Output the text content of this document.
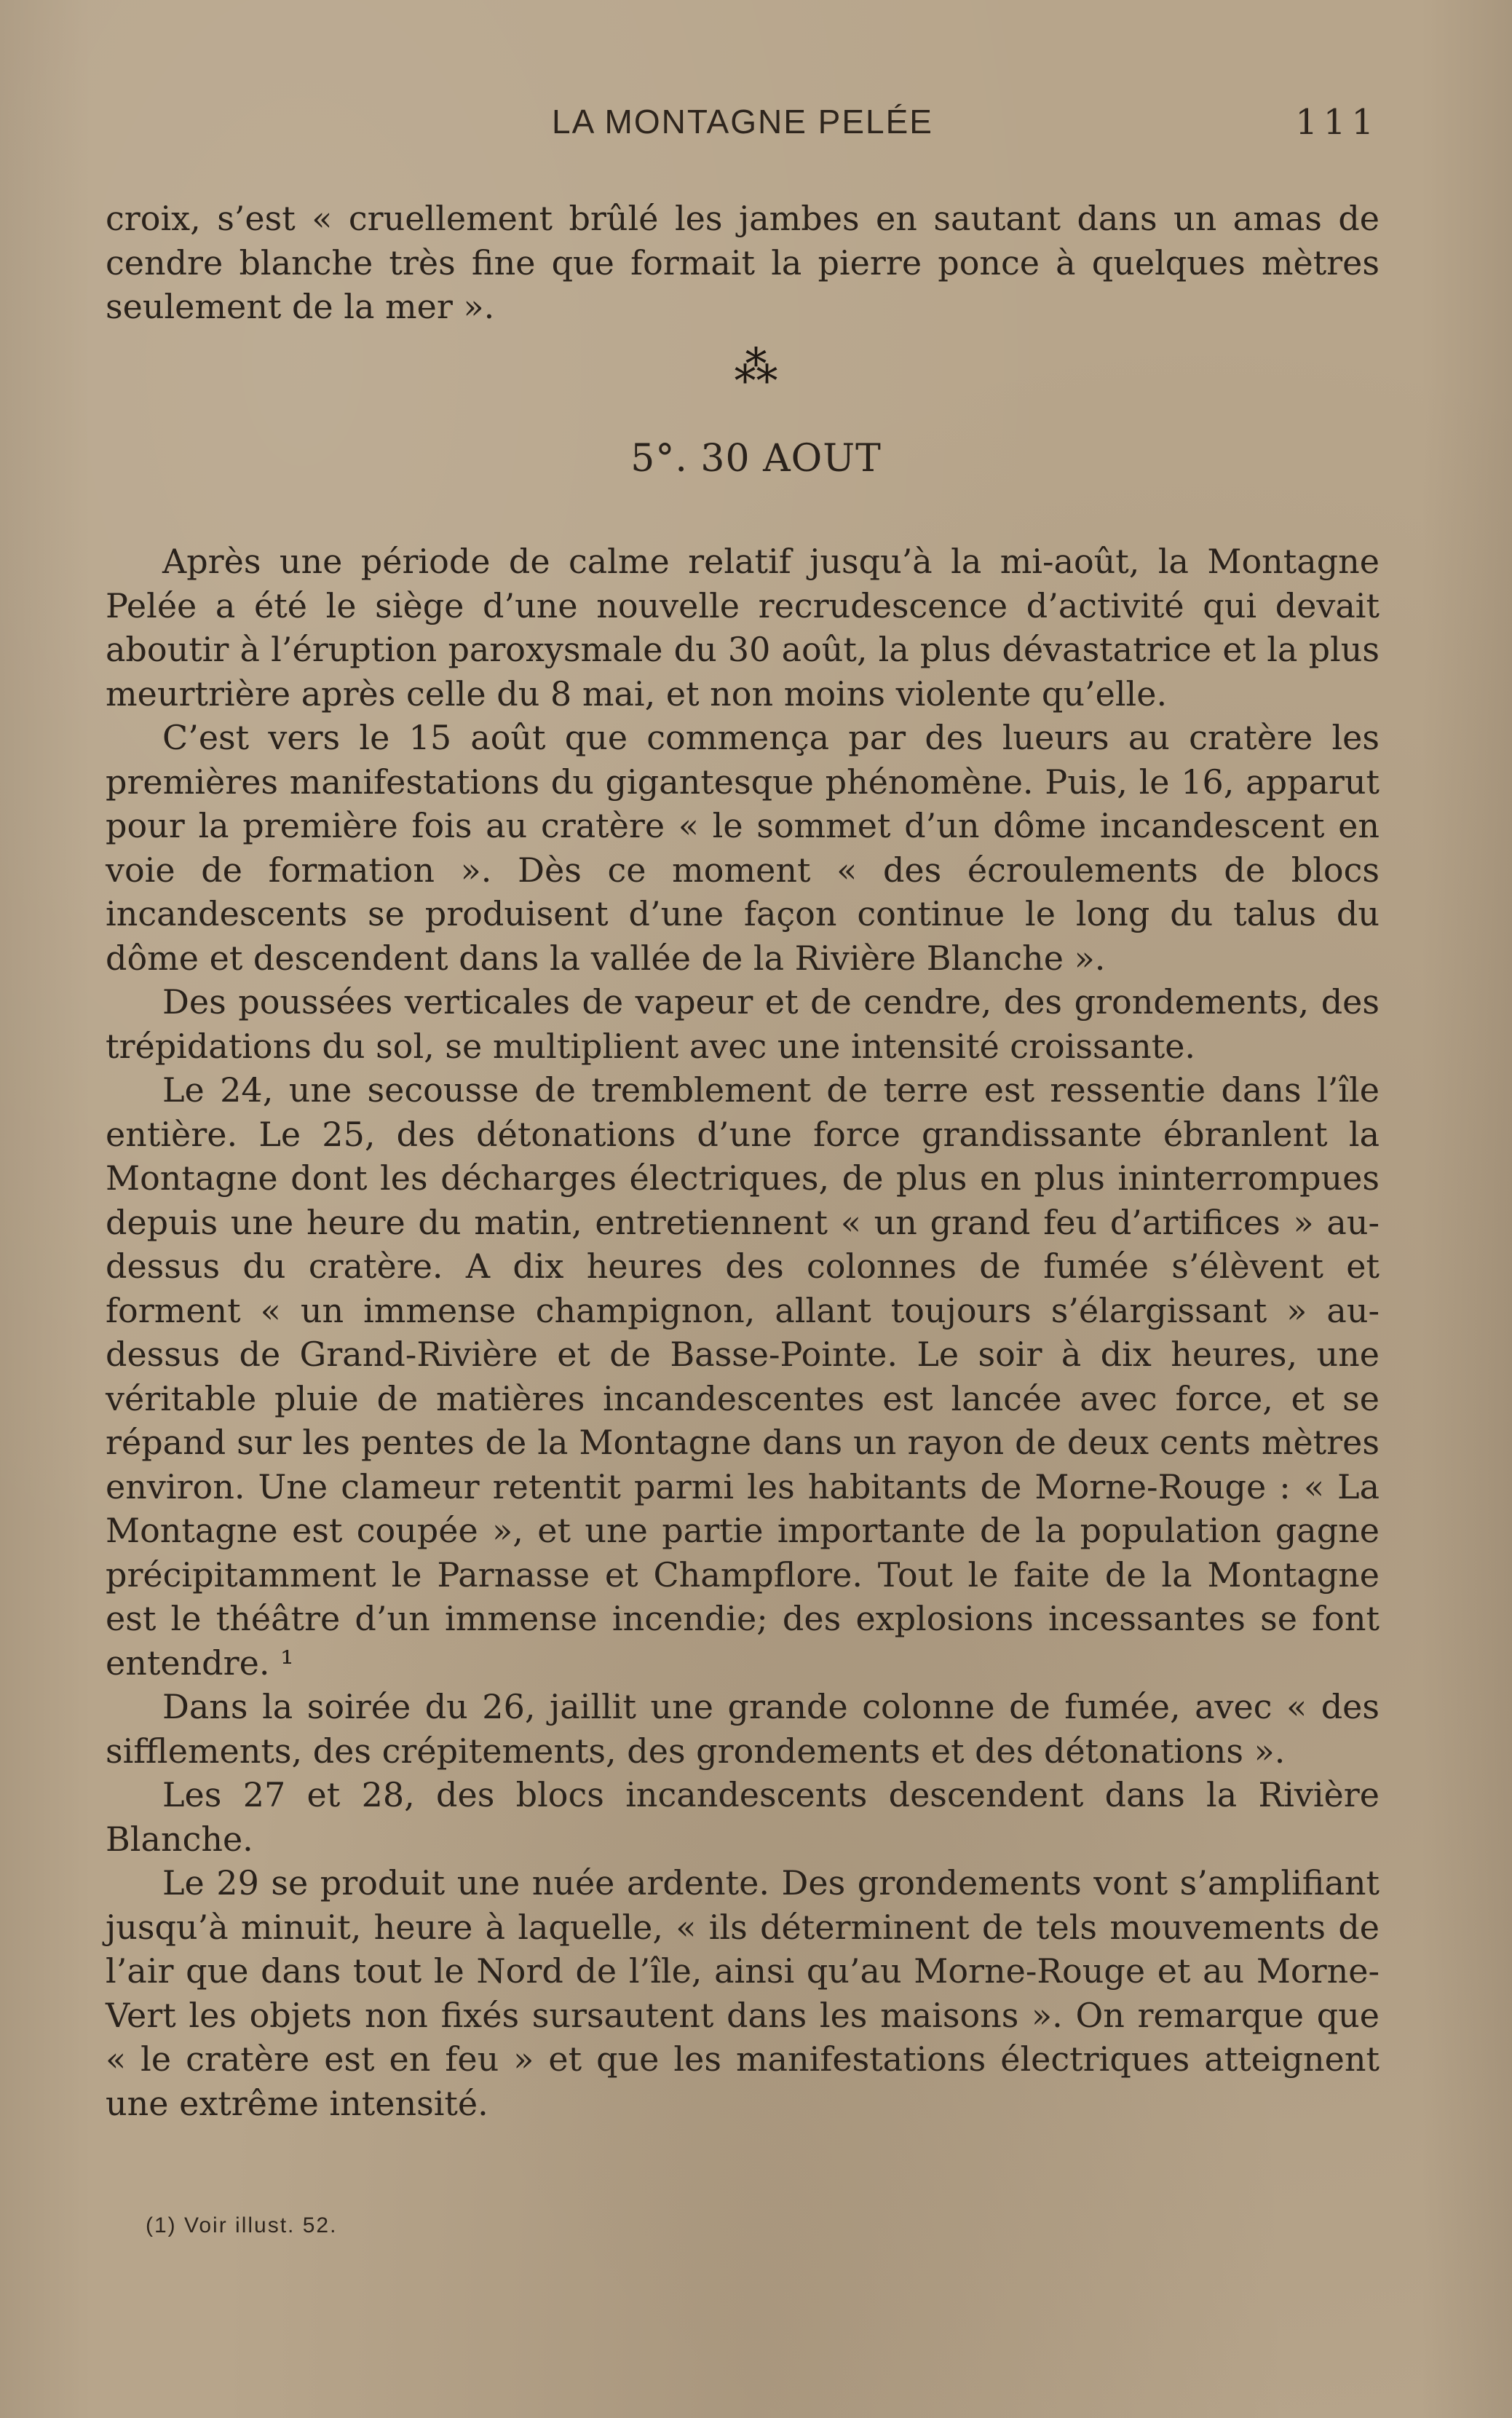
LA MONTAGNE PELÉE	111

croix, s’est « cruellement brûlé les jambes en sautant dans un amas de cendre blanche très fine que formait la pierre ponce à quelques mètres seulement de la mer ».

⁂
5°. 30 AOUT

Après une période de calme relatif jusqu’à la mi-août, la Montagne Pelée a été le siège d’une nouvelle recrudescence d’activité qui devait aboutir à l’éruption paroxysmale du 30 août, la plus dévastatrice et la plus meurtrière après celle du 8 mai, et non moins violente qu’elle.

C’est vers le 15 août que commença par des lueurs au cratère les premières manifestations du gigantesque phénomène. Puis, le 16, apparut pour la première fois au cratère « le sommet d’un dôme incandescent en voie de formation ». Dès ce moment « des écroulements de blocs incandescents se produisent d’une façon continue le long du talus du dôme et descendent dans la vallée de la Rivière Blanche ».

Des poussées verticales de vapeur et de cendre, des grondements, des trépidations du sol, se multiplient avec une intensité croissante.

Le 24, une secousse de tremblement de terre est ressentie dans l’île entière. Le 25, des détonations d’une force grandissante ébranlent la Montagne dont les décharges électriques, de plus en plus ininterrompues depuis une heure du matin, entretiennent « un grand feu d’artifices » au-dessus du cratère. A dix heures des colonnes de fumée s’élèvent et forment « un immense champignon, allant toujours s’élargissant » au-dessus de Grand-Rivière et de Basse-Pointe. Le soir à dix heures, une véritable pluie de matières incandescentes est lancée avec force, et se répand sur les pentes de la Montagne dans un rayon de deux cents mètres environ. Une clameur retentit parmi les habitants de Morne-Rouge : « La Montagne est coupée », et une partie importante de la population gagne précipitamment le Parnasse et Champflore. Tout le faite de la Montagne est le théâtre d’un immense incendie; des explosions incessantes se font entendre. ¹

Dans la soirée du 26, jaillit une grande colonne de fumée, avec « des sifflements, des crépitements, des grondements et des détonations ».

Les 27 et 28, des blocs incandescents descendent dans la Rivière Blanche.

Le 29 se produit une nuée ardente. Des grondements vont s’amplifiant jusqu’à minuit, heure à laquelle, « ils déterminent de tels mouvements de l’air que dans tout le Nord de l’île, ainsi qu’au Morne-Rouge et au Morne-Vert les objets non fixés sursautent dans les maisons ». On remarque que « le cratère est en feu » et que les manifestations électriques atteignent une extrême intensité.

(1) Voir illust. 52.
